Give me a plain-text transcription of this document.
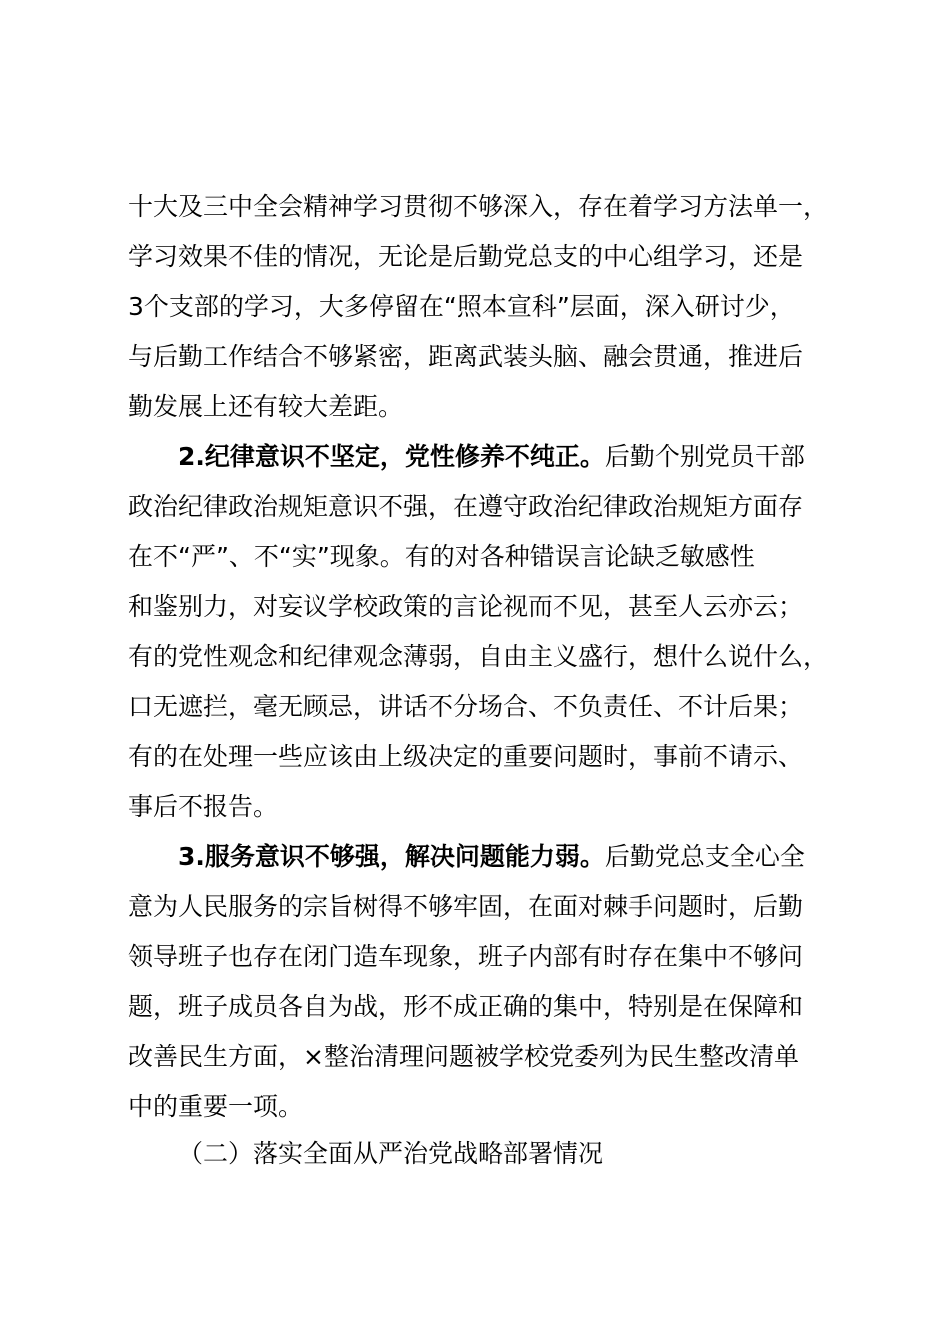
十大及三中全会精神学习贯彻不够深入，存在着学习方法单一，
学习效果不佳的情况，无论是后勤党总支的中心组学习，还是
3个支部的学习，大多停留在“照本宣科”层面，深入研讨少，
与后勤工作结合不够紧密，距离武装头脑、融会贯通，推进后
勤发展上还有较大差距。
2.纪律意识不坚定，党性修养不纯正。后勤个别党员干部
政治纪律政治规矩意识不强，在遵守政治纪律政治规矩方面存
在不“严”、不“实”现象。有的对各种错误言论缺乏敏感性
和鉴别力，对妄议学校政策的言论视而不见，甚至人云亦云；
有的党性观念和纪律观念薄弱，自由主义盛行，想什么说什么，
口无遮拦，毫无顾忌，讲话不分场合、不负责任、不计后果；
有的在处理一些应该由上级决定的重要问题时，事前不请示、
事后不报告。
3.服务意识不够强，解决问题能力弱。后勤党总支全心全
意为人民服务的宗旨树得不够牢固，在面对棘手问题时，后勤
领导班子也存在闭门造车现象，班子内部有时存在集中不够问
题，班子成员各自为战，形不成正确的集中，特别是在保障和
改善民生方面，×整治清理问题被学校党委列为民生整改清单
中的重要一项。
（二）落实全面从严治党战略部署情况
